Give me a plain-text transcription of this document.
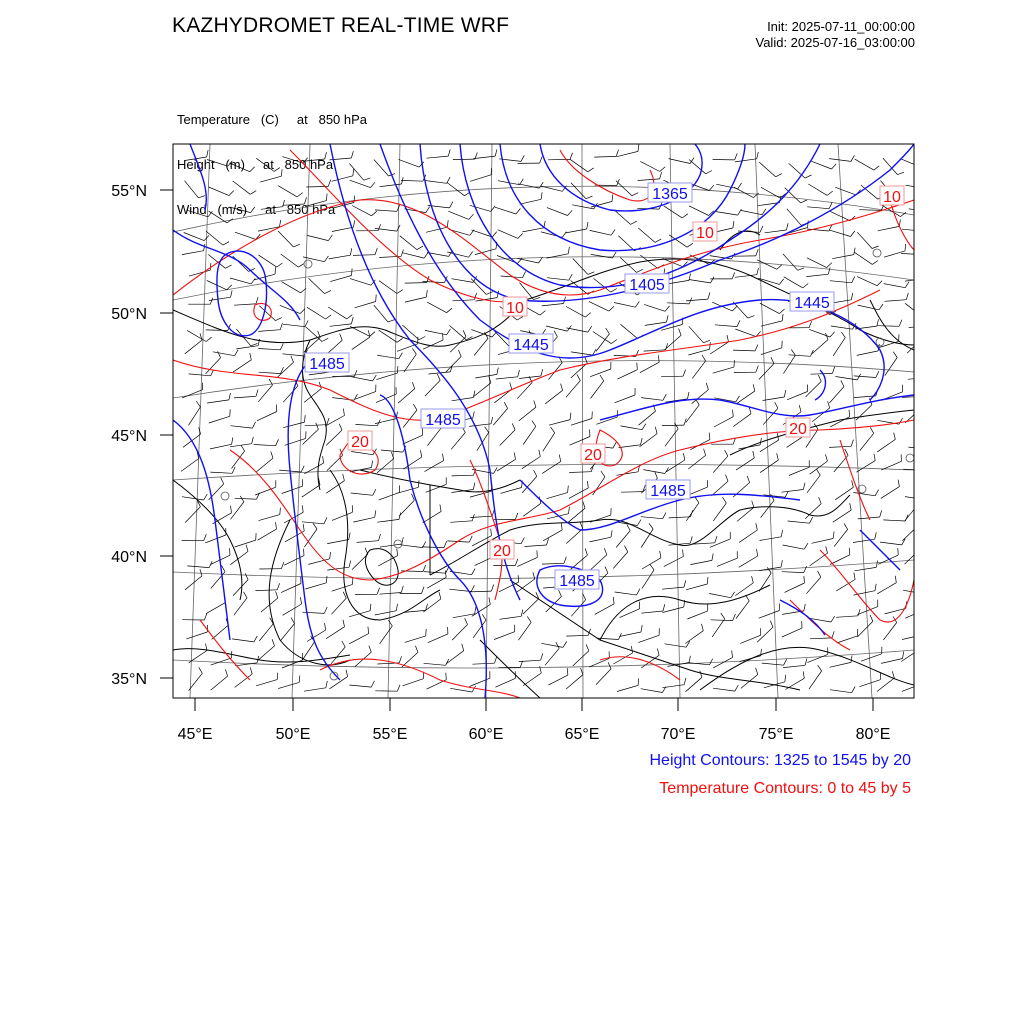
KAZHYDROMET REAL-TIME WRF	Init: 2025-07-11_00:00:00
Valid: 2025-07-16_03:00:00

Temperature   (C)     at   850 hPa

Height   (m)     at   850 hPa

Wind   (m/s)     at   850 hPa

55°N
50°N
45°N
40°N
35°N
45°E	50°E	55°E	60°E	65°E	70°E	75°E	80°E
1365
1405
1445
1445
1485
1485
1485
1485
10
10
10
20
20
20
20
Height Contours: 1325 to 1545 by 20
Temperature Contours: 0 to 45 by 5
